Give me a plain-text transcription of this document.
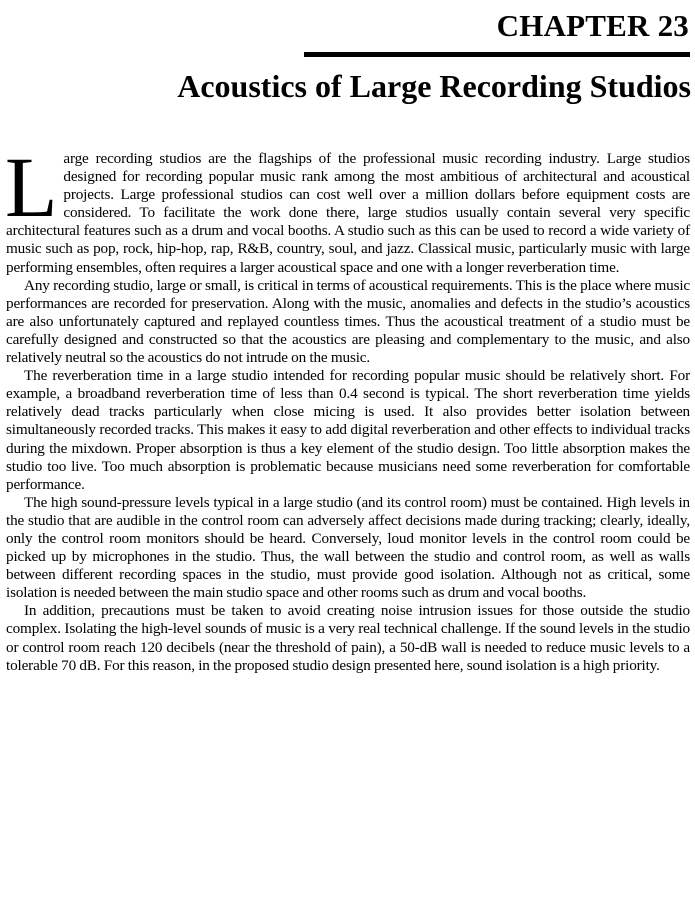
CHAPTER 23
Acoustics of Large Recording Studios

Large recording studios are the flagships of the professional music recording industry. Large studios designed for recording popular music rank among the most ambitious of architectural and acoustical projects. Large professional studios can cost well over a million dollars before equipment costs are considered. To facilitate the work done there, large studios usually contain several very specific architectural features such as a drum and vocal booths. A studio such as this can be used to record a wide variety of music such as pop, rock, hip-hop, rap, R&B, country, soul, and jazz. Classical music, particularly music with large performing ensembles, often requires a larger acoustical space and one with a longer reverberation time.

Any recording studio, large or small, is critical in terms of acoustical requirements. This is the place where music performances are recorded for preservation. Along with the music, anomalies and defects in the studio’s acoustics are also unfortunately captured and replayed countless times. Thus the acoustical treatment of a studio must be carefully designed and constructed so that the acoustics are pleasing and complementary to the music, and also relatively neutral so the acoustics do not intrude on the music.

The reverberation time in a large studio intended for recording popular music should be relatively short. For example, a broadband reverberation time of less than 0.4 second is typical. The short reverberation time yields relatively dead tracks particularly when close micing is used. It also provides better isolation between simultaneously recorded tracks. This makes it easy to add digital reverberation and other effects to individual tracks during the mixdown. Proper absorption is thus a key element of the studio design. Too little absorption makes the studio too live. Too much absorption is problematic because musicians need some reverberation for comfortable performance.

The high sound-pressure levels typical in a large studio (and its control room) must be contained. High levels in the studio that are audible in the control room can adversely affect decisions made during tracking; clearly, ideally, only the control room monitors should be heard. Conversely, loud monitor levels in the control room could be picked up by microphones in the studio. Thus, the wall between the studio and control room, as well as walls between different recording spaces in the studio, must provide good isolation. Although not as critical, some isolation is needed between the main studio space and other rooms such as drum and vocal booths.

In addition, precautions must be taken to avoid creating noise intrusion issues for those outside the studio complex. Isolating the high-level sounds of music is a very real technical challenge. If the sound levels in the studio or control room reach 120 decibels (near the threshold of pain), a 50-dB wall is needed to reduce music levels to a tolerable 70 dB. For this reason, in the proposed studio design presented here, sound isolation is a high priority.
